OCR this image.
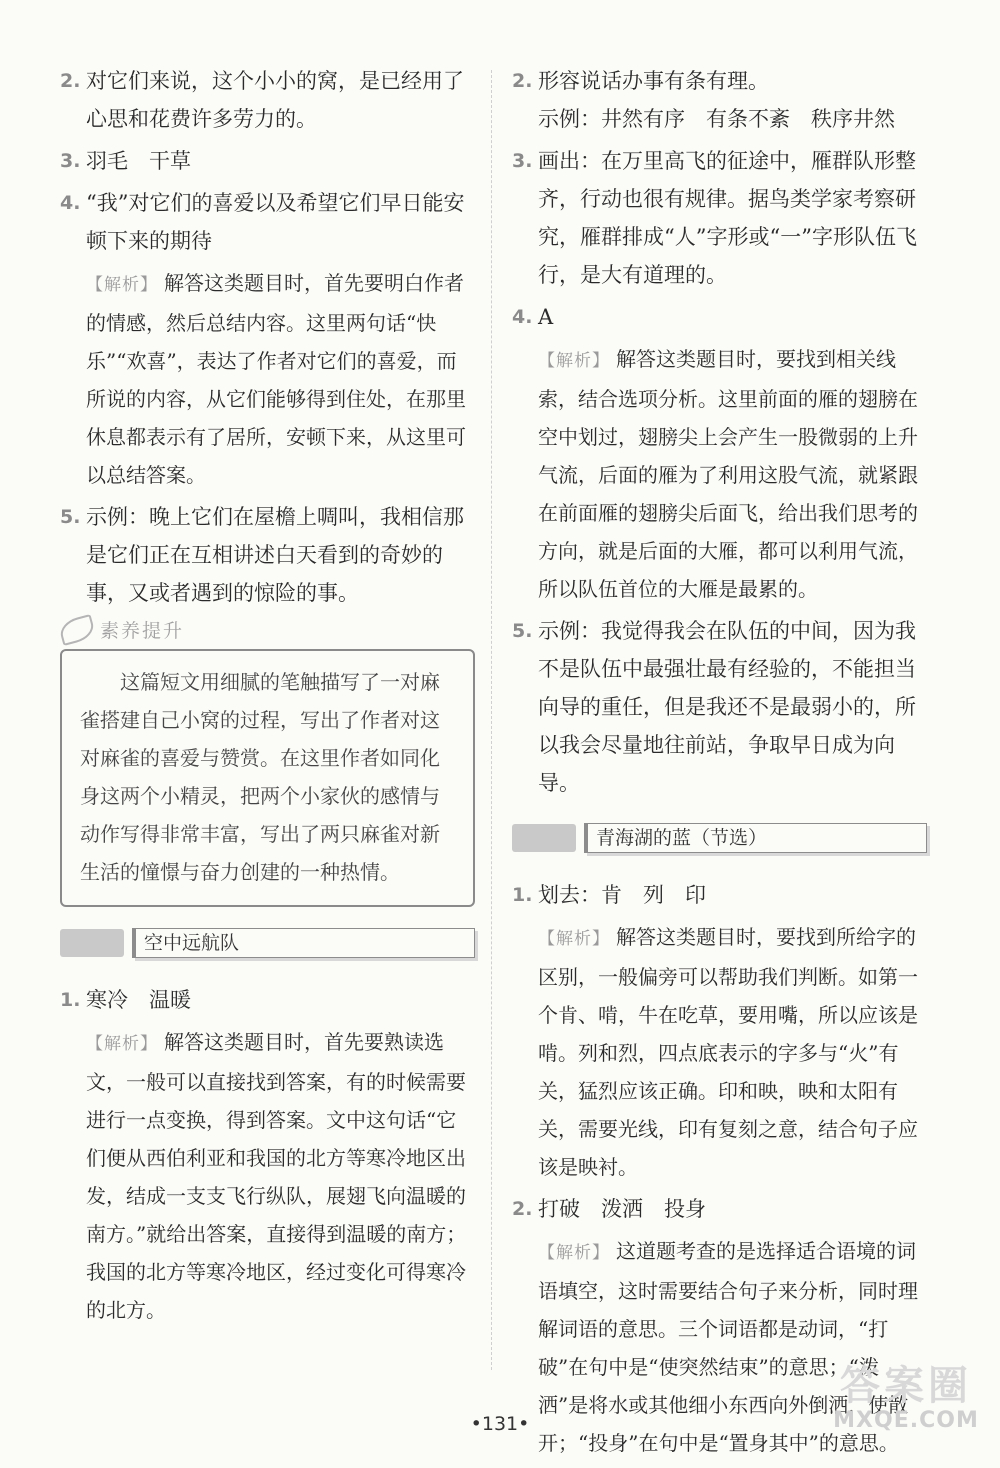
2. 对它们来说，这个小小的窝，是已经用了心思和花费许多劳力的。
3. 羽毛　干草
4. “我”对它们的喜爱以及希望它们早日能安顿下来的期待
【解析】 解答这类题目时，首先要明白作者的情感，然后总结内容。这里两句话“快乐”“欢喜”，表达了作者对它们的喜爱，而所说的内容，从它们能够得到住处，在那里休息都表示有了居所，安顿下来，从这里可以总结答案。
5. 示例：晚上它们在屋檐上啁叫，我相信那是它们正在互相讲述白天看到的奇妙的事，又或者遇到的惊险的事。
素养提升
这篇短文用细腻的笔触描写了一对麻雀搭建自己小窝的过程，写出了作者对这对麻雀的喜爱与赞赏。在这里作者如同化身这两个小精灵，把两个小家伙的感情与动作写得非常丰富，写出了两只麻雀对新生活的憧憬与奋力创建的一种热情。
空中远航队
1. 寒冷　温暖
【解析】 解答这类题目时，首先要熟读选文，一般可以直接找到答案，有的时候需要进行一点变换，得到答案。文中这句话“它们便从西伯利亚和我国的北方等寒冷地区出发，结成一支支飞行纵队，展翅飞向温暖的南方。”就给出答案，直接得到温暖的南方；我国的北方等寒冷地区，经过变化可得寒冷的北方。
2. 形容说话办事有条有理。
示例：井然有序　有条不紊　秩序井然
3. 画出：在万里高飞的征途中，雁群队形整齐，行动也很有规律。据鸟类学家考察研究，雁群排成“人”字形或“一”字形队伍飞行，是大有道理的。
4. A
【解析】 解答这类题目时，要找到相关线索，结合选项分析。这里前面的雁的翅膀在空中划过，翅膀尖上会产生一股微弱的上升气流，后面的雁为了利用这股气流，就紧跟在前面雁的翅膀尖后面飞，给出我们思考的方向，就是后面的大雁，都可以利用气流，所以队伍首位的大雁是最累的。
5. 示例：我觉得我会在队伍的中间，因为我不是队伍中最强壮最有经验的，不能担当向导的重任，但是我还不是最弱小的，所以我会尽量地往前站，争取早日成为向导。
青海湖的蓝（节选）
1. 划去：肯　列　印
【解析】 解答这类题目时，要找到所给字的区别，一般偏旁可以帮助我们判断。如第一个肯、啃，牛在吃草，要用嘴，所以应该是啃。列和烈，四点底表示的字多与“火”有关，猛烈应该正确。印和映，映和太阳有关，需要光线，印有复刻之意，结合句子应该是映衬。
2. 打破　泼洒　投身
【解析】 这道题考查的是选择适合语境的词语填空，这时需要结合句子来分析，同时理解词语的意思。三个词语都是动词，“打破”在句中是“使突然结束”的意思；“泼洒”是将水或其他细小东西向外倒洒，使散开；“投身”在句中是“置身其中”的意思。
•131•
答案圈
MXQE.COM
